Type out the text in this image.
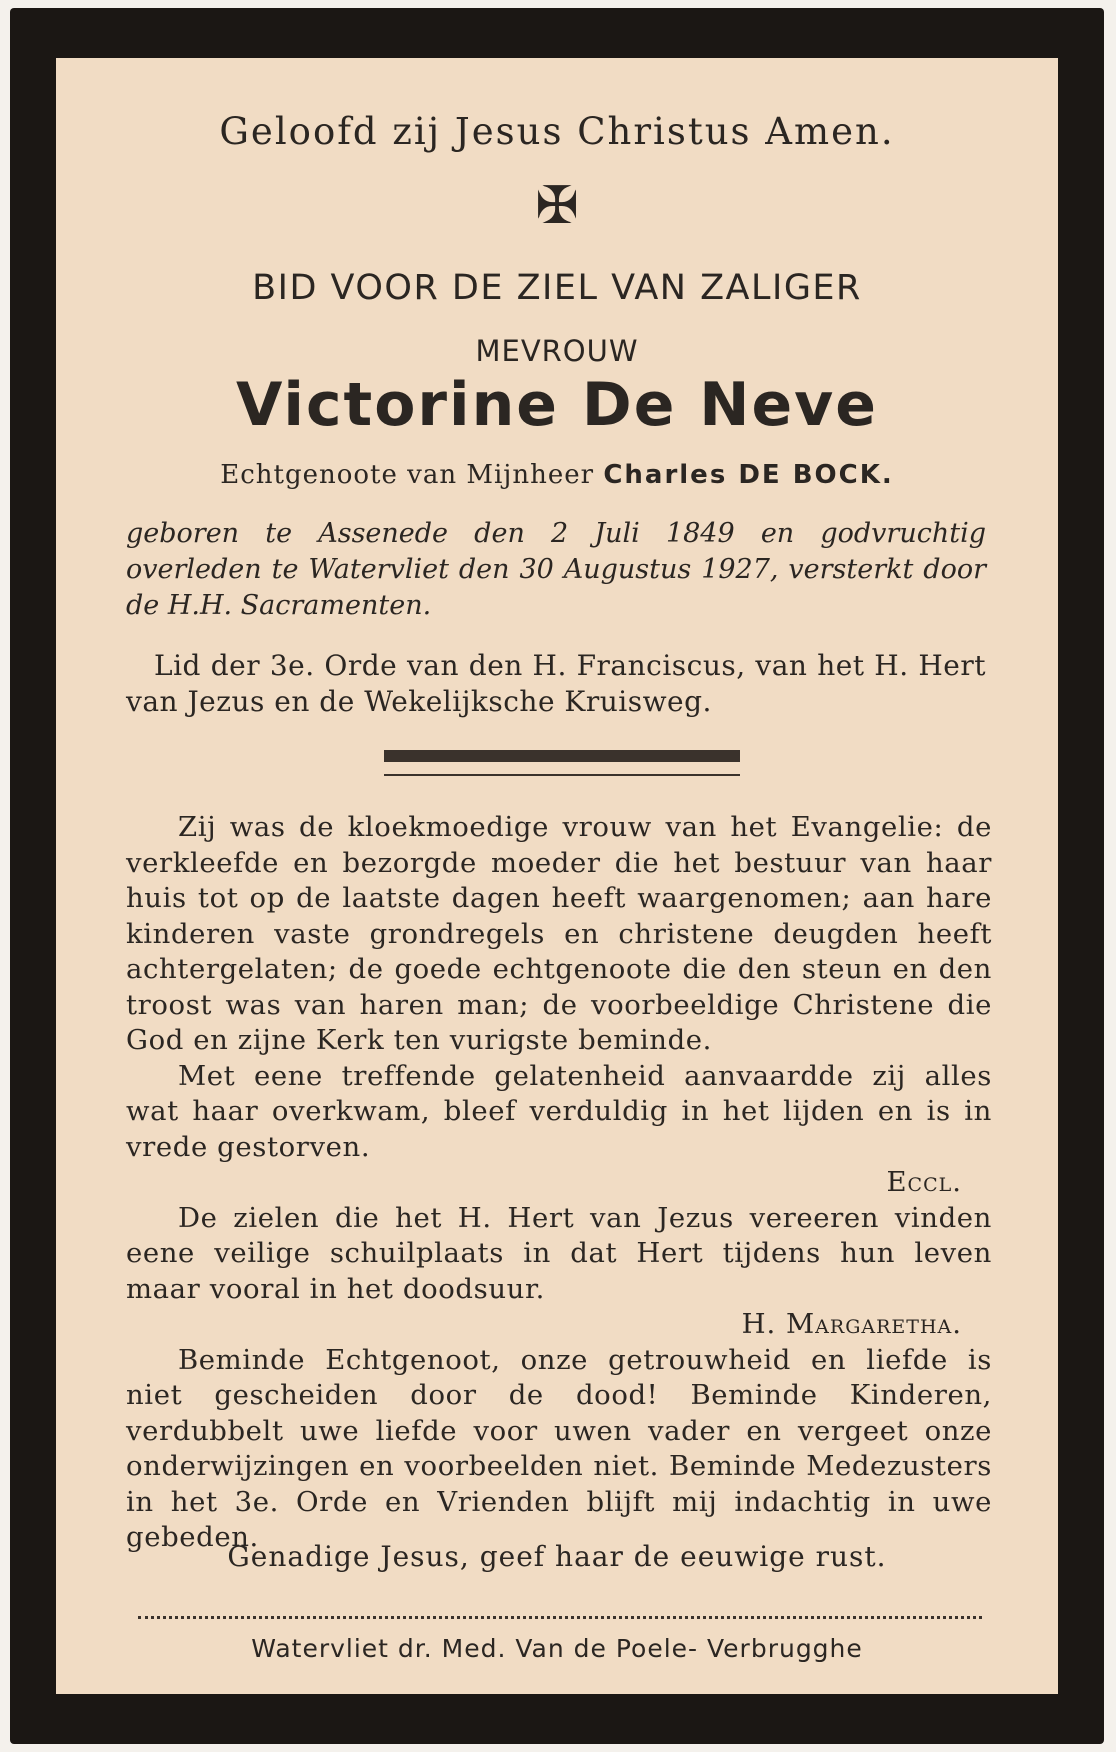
Geloofd zij Jesus Christus Amen.
✠
BID VOOR DE ZIEL VAN ZALIGER
MEVROUW
Victorine De Neve
Echtgenoote van Mijnheer Charles DE BOCK.
geboren te Assenede den 2 Juli 1849 en godvruchtig overleden te Watervliet den 30 Augustus 1927, versterkt door de H.H. Sacramenten.
Lid der 3e. Orde van den H. Franciscus, van het H. Hert van Jezus en de Wekelijksche Kruisweg.

Zij was de kloekmoedige vrouw van het Evangelie: de verkleefde en bezorgde moeder die het bestuur van haar huis tot op de laatste dagen heeft waargenomen; aan hare kinderen vaste grondregels en christene deugden heeft achtergelaten; de goede echtgenoote die den steun en den troost was van haren man; de voorbeeldige Christene die God en zijne Kerk ten vurigste beminde.

Met eene treffende gelatenheid aanvaardde zij alles wat haar overkwam, bleef verduldig in het lijden en is in vrede gestorven.

Eccl.

De zielen die het H. Hert van Jezus vereeren vinden eene veilige schuilplaats in dat Hert tijdens hun leven maar vooral in het doodsuur.

H. Margaretha.

Beminde Echtgenoot, onze getrouwheid en liefde is niet gescheiden door de dood! Beminde Kinderen, verdubbelt uwe liefde voor uwen vader en vergeet onze onderwijzingen en voorbeelden niet. Beminde Medezusters in het 3e. Orde en Vrienden blijft mij indachtig in uwe gebeden.

Genadige Jesus, geef haar de eeuwige rust.
Watervliet dr. Med. Van de Poele- Verbrugghe
